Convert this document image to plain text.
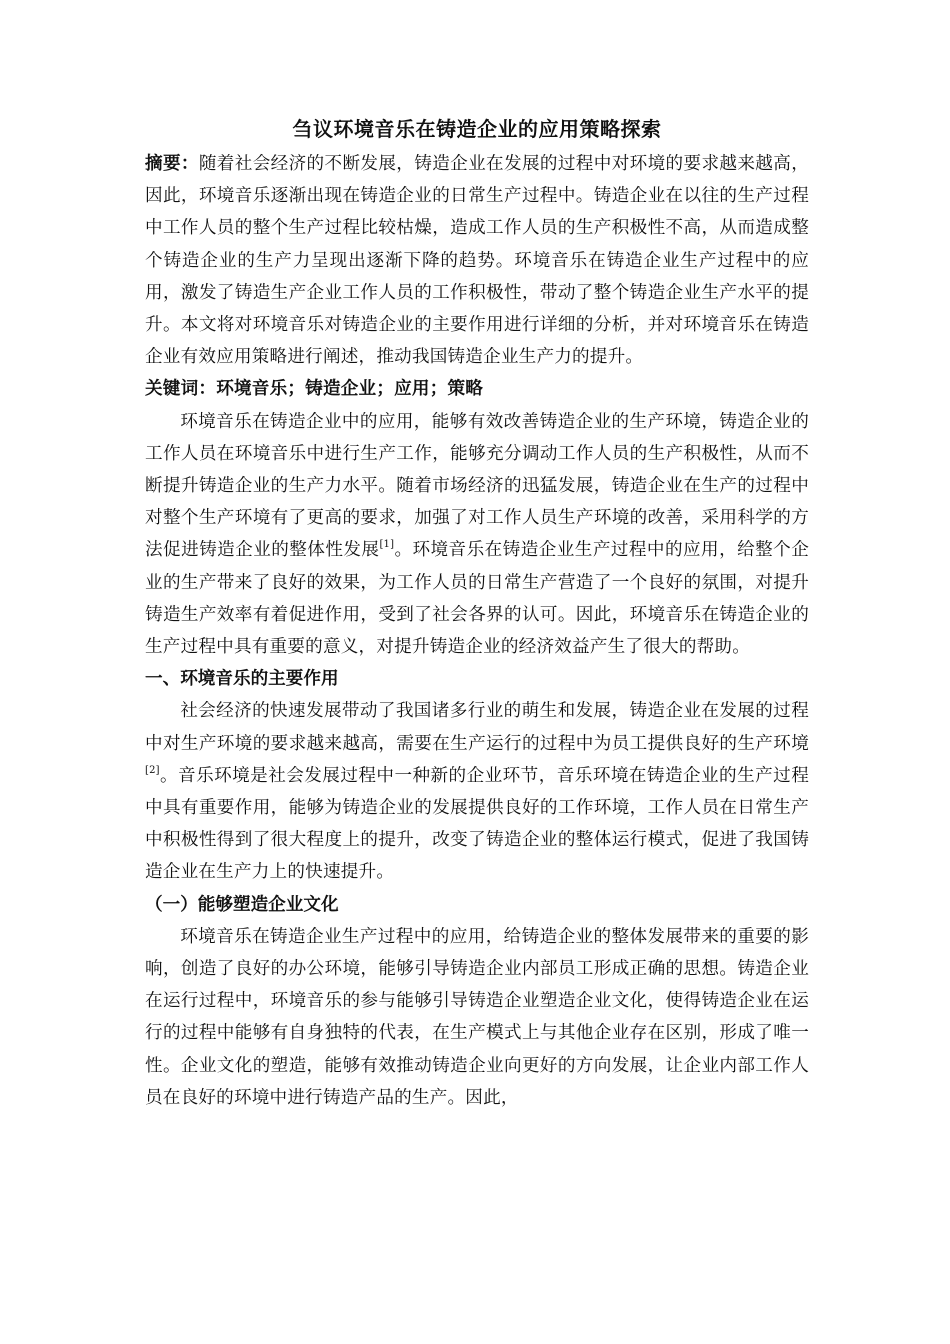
刍议环境音乐在铸造企业的应用策略探索

摘要：随着社会经济的不断发展，铸造企业在发展的过程中对环境的要求越来越高，因此，环境音乐逐渐出现在铸造企业的日常生产过程中。铸造企业在以往的生产过程中工作人员的整个生产过程比较枯燥，造成工作人员的生产积极性不高，从而造成整个铸造企业的生产力呈现出逐渐下降的趋势。环境音乐在铸造企业生产过程中的应用，激发了铸造生产企业工作人员的工作积极性，带动了整个铸造企业生产水平的提升。本文将对环境音乐对铸造企业的主要作用进行详细的分析，并对环境音乐在铸造企业有效应用策略进行阐述，推动我国铸造企业生产力的提升。

关键词：环境音乐；铸造企业；应用；策略

环境音乐在铸造企业中的应用，能够有效改善铸造企业的生产环境，铸造企业的工作人员在环境音乐中进行生产工作，能够充分调动工作人员的生产积极性，从而不断提升铸造企业的生产力水平。随着市场经济的迅猛发展，铸造企业在生产的过程中对整个生产环境有了更高的要求，加强了对工作人员生产环境的改善，采用科学的方法促进铸造企业的整体性发展[1]。环境音乐在铸造企业生产过程中的应用，给整个企业的生产带来了良好的效果，为工作人员的日常生产营造了一个良好的氛围，对提升铸造生产效率有着促进作用，受到了社会各界的认可。因此，环境音乐在铸造企业的生产过程中具有重要的意义，对提升铸造企业的经济效益产生了很大的帮助。

一、环境音乐的主要作用

社会经济的快速发展带动了我国诸多行业的萌生和发展，铸造企业在发展的过程中对生产环境的要求越来越高，需要在生产运行的过程中为员工提供良好的生产环境[2]。音乐环境是社会发展过程中一种新的企业环节，音乐环境在铸造企业的生产过程中具有重要作用，能够为铸造企业的发展提供良好的工作环境，工作人员在日常生产中积极性得到了很大程度上的提升，改变了铸造企业的整体运行模式，促进了我国铸造企业在生产力上的快速提升。

（一）能够塑造企业文化

环境音乐在铸造企业生产过程中的应用，给铸造企业的整体发展带来的重要的影响，创造了良好的办公环境，能够引导铸造企业内部员工形成正确的思想。铸造企业在运行过程中，环境音乐的参与能够引导铸造企业塑造企业文化，使得铸造企业在运行的过程中能够有自身独特的代表，在生产模式上与其他企业存在区别，形成了唯一性。企业文化的塑造，能够有效推动铸造企业向更好的方向发展，让企业内部工作人员在良好的环境中进行铸造产品的生产。因此，
